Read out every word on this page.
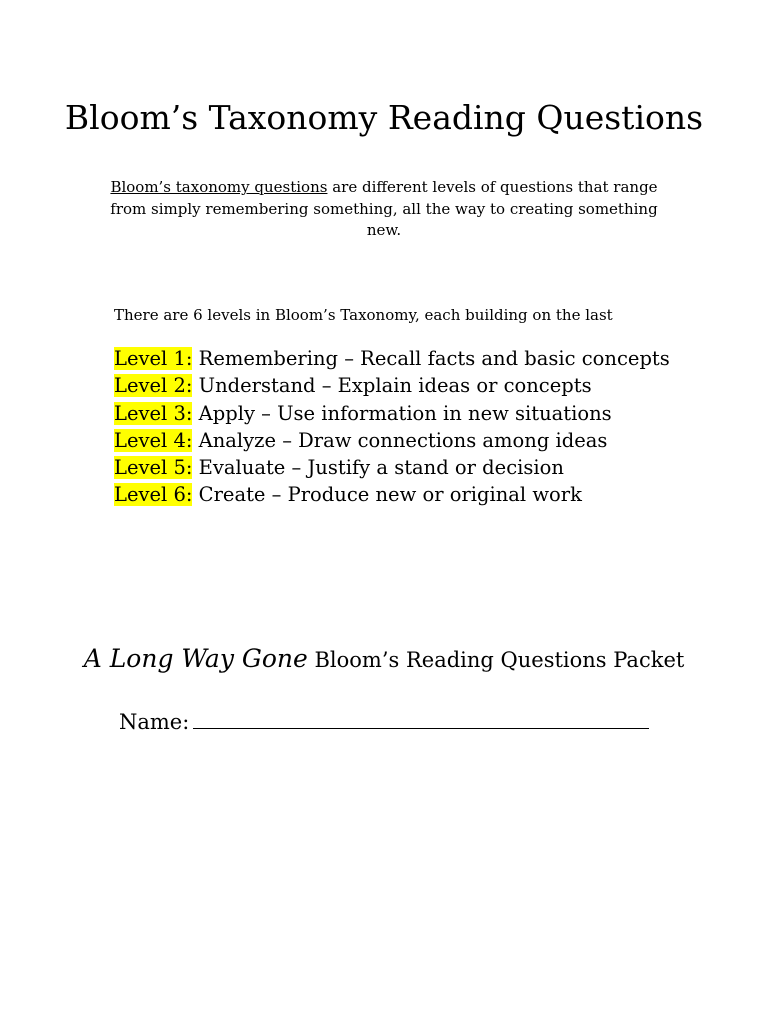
Bloom’s Taxonomy Reading Questions
Bloom’s taxonomy questions are different levels of questions that range from simply remembering something, all the way to creating something new.
There are 6 levels in Bloom’s Taxonomy, each building on the last
Level 1: Remembering – Recall facts and basic concepts
Level 2: Understand – Explain ideas or concepts
Level 3: Apply – Use information in new situations
Level 4: Analyze – Draw connections among ideas
Level 5: Evaluate – Justify a stand or decision
Level 6: Create – Produce new or original work
A Long Way Gone Bloom’s Reading Questions Packet
Name:
